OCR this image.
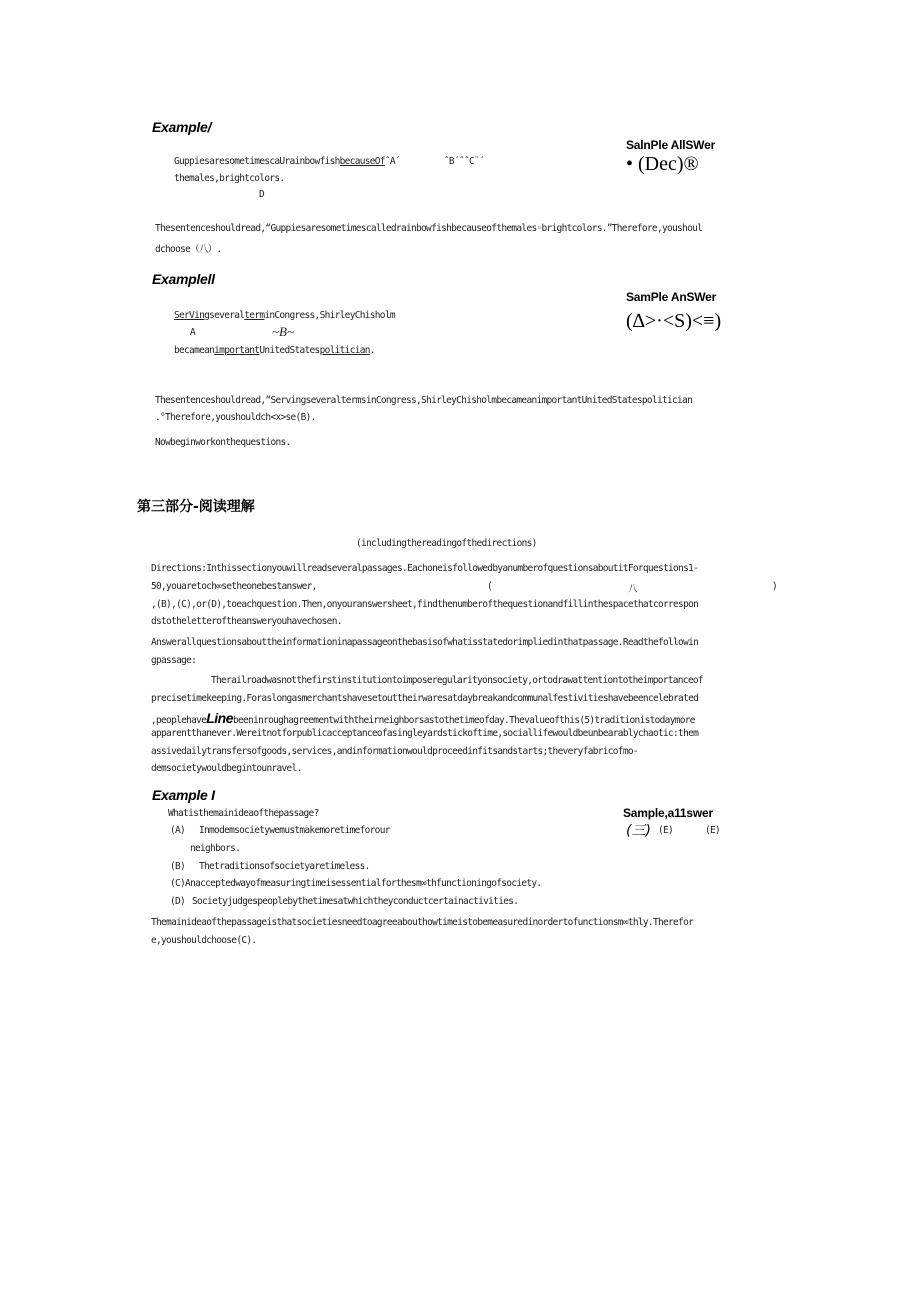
Example/
GuppiesaresometimescaUrainbowfishbecauseOfˆA´	ˆB´ˆˆC¨´
themales,brightcolors.
D
SalnPle AllSWer
• (Dec)®
Thesentenceshouldread,“Guppiesaresometimescalledrainbowfishbecauseofthemales◦brightcolors.”Therefore,youshoul
dchoose（八）.
Examplell
SerVingseveralterminCongress,ShirleyChisholm
A	~B~
becameanimportantUnitedStatespolitician.
SamPle AnSWer
(∆>·<S)<≡)
Thesentenceshouldread,“ServingseveraltermsinCongress,ShirleyChisholmbecameanimportantUnitedStatespolitician
.°Therefore,youshouldch<x>se(B).
Nowbeginworkonthequestions.
第三部分-阅读理解
(includingthereadingofthedirections)
Directions:Inthissectionyouwillreadseveralpassages.EachoneisfollowedbyanumberofquestionsaboutitForquestions1-
50,youaretoch∞setheonebestanswer,	(	八	)
,(B),(C),or(D),toeachquestion.Then,onyouranswersheet,findthenumberofthequestionandfillinthespacethatcorrespon
dstotheletteroftheansweryouhavechosen.
Answerallquestionsabouttheinformationinapassageonthebasisofwhatisstatedorimpliedinthatpassage.Readthefollowin
gpassage:
Therailroadwasnotthefirstinstitutiontoimposeregularityonsociety,ortodrawattentiontotheimportanceof
precisetimekeeping.Foraslongasmerchantshavesetouttheirwaresatdaybreakandcommunalfestivitieshavebeencelebrated
,peoplehaveLinebeeninroughagreementwiththeirneighborsastothetimeofday.Thevalueofthis(5)traditionistodaymore
apparentthanever.Wereitnotforpublicacceptanceofasingleyardstickoftime,sociallifewouldbeunbearablychaotic:them
assivedailytransfersofgoods,services,andinformationwouldproceedinfitsandstarts;theveryfabricofmo-
demsocietywouldbegintounravel.
Example I
Whatisthemainideaofthepassage?	Sample,a11swer
(三) (E)	(E)
(A) Inmodemsocietywemustmakemoretimeforour
neighbors.
(B) Thetraditionsofsocietyaretimeless.
(C)Anacceptedwayofmeasuringtimeisessentialforthesm∞thfunctioningofsociety.
(D) Societyjudgespeoplebythetimesatwhichtheyconductcertainactivities.
Themainideaofthepassageisthatsocietiesneedtoagreeabouthowtimeistobemeasuredinordertofunctionsm∞thly.Therefor
e,youshouldchoose(C).
